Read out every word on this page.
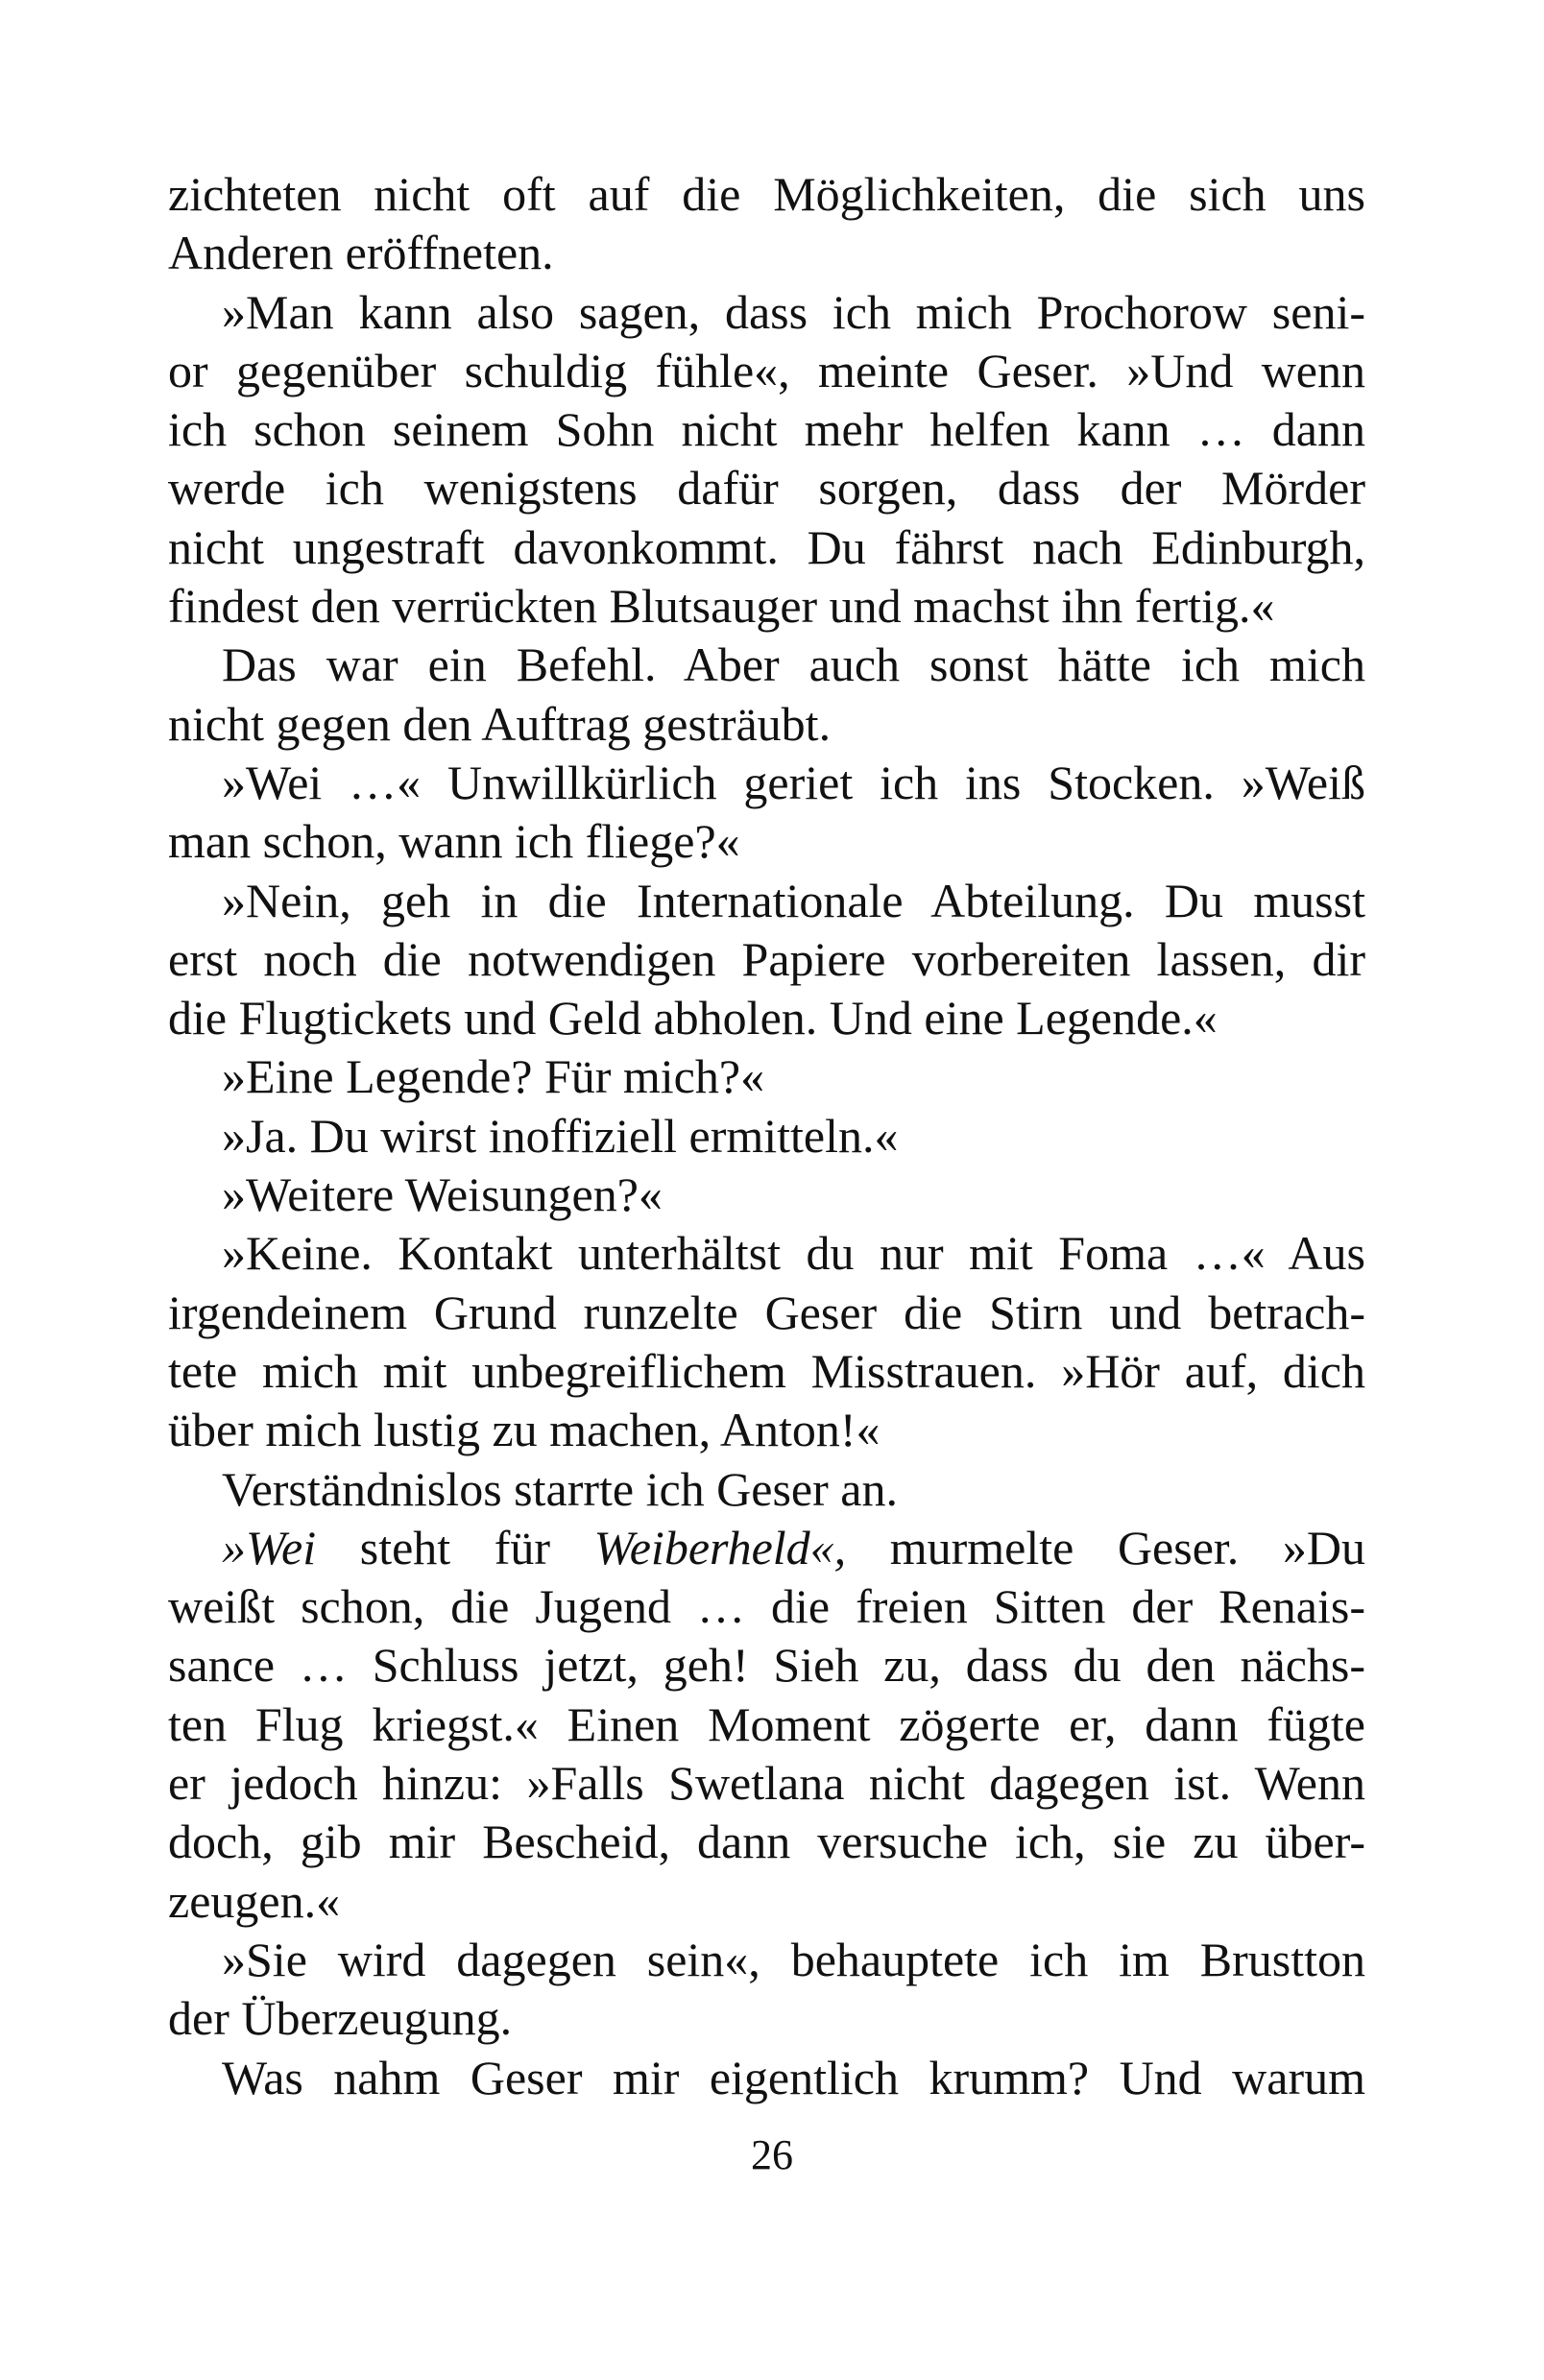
zichteten nicht oft auf die Möglichkeiten, die sich uns
Anderen eröffneten.
»Man kann also sagen, dass ich mich Prochorow seni-
or gegenüber schuldig fühle«, meinte Geser. »Und wenn
ich schon seinem Sohn nicht mehr helfen kann … dann
werde ich wenigstens dafür sorgen, dass der Mörder
nicht ungestraft davonkommt. Du fährst nach Edinburgh,
findest den verrückten Blutsauger und machst ihn fertig.«
Das war ein Befehl. Aber auch sonst hätte ich mich
nicht gegen den Auftrag gesträubt.
»Wei …« Unwillkürlich geriet ich ins Stocken. »Weiß
man schon, wann ich fliege?«
»Nein, geh in die Internationale Abteilung. Du musst
erst noch die notwendigen Papiere vorbereiten lassen, dir
die Flugtickets und Geld abholen. Und eine Legende.«
»Eine Legende? Für mich?«
»Ja. Du wirst inoffiziell ermitteln.«
»Weitere Weisungen?«
»Keine. Kontakt unterhältst du nur mit Foma …« Aus
irgendeinem Grund runzelte Geser die Stirn und betrach-
tete mich mit unbegreiflichem Misstrauen. »Hör auf, dich
über mich lustig zu machen, Anton!«
Verständnislos starrte ich Geser an.
»Wei steht für Weiberheld«, murmelte Geser. »Du
weißt schon, die Jugend … die freien Sitten der Renais-
sance … Schluss jetzt, geh! Sieh zu, dass du den nächs-
ten Flug kriegst.« Einen Moment zögerte er, dann fügte
er jedoch hinzu: »Falls Swetlana nicht dagegen ist. Wenn
doch, gib mir Bescheid, dann versuche ich, sie zu über-
zeugen.«
»Sie wird dagegen sein«, behauptete ich im Brustton
der Überzeugung.
Was nahm Geser mir eigentlich krumm? Und warum
26
